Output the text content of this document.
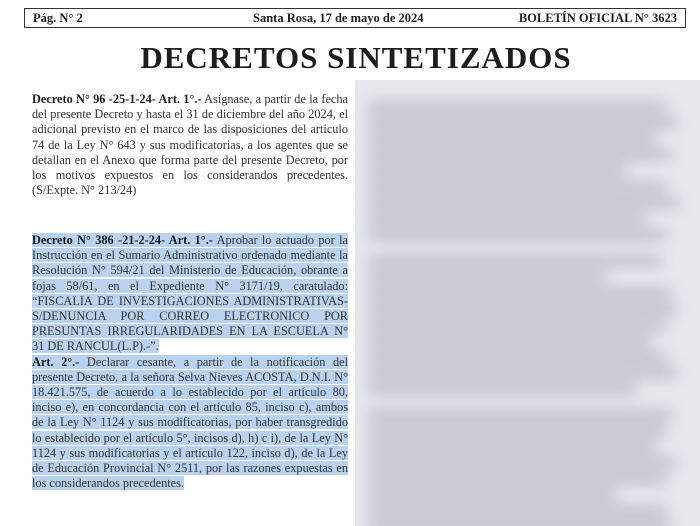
Pág. N° 2	Santa Rosa, 17 de mayo de 2024	BOLETÍN OFICIAL N° 3623
DECRETOS SINTETIZADOS

Decreto N° 96 -25-1-24- Art. 1°.- Asígnase, a partir de la fecha del presente Decreto y hasta el 31 de diciembre del año 2024, el adicional previsto en el marco de las disposiciones del artículo 74 de la Ley N° 643 y sus modificatorias, a los agentes que se detallan en el Anexo que forma parte del presente Decreto, por los motivos expuestos en los considerandos precedentes. (S/Expte. N° 213/24)

Decreto N° 386 -21-2-24- Art. 1°.- Aprobar lo actuado por la Instrucción en el Sumario Administrativo ordenado mediante la Resolución N° 594/21 del Ministerio de Educación, obrante a fojas 58/61, en el Expediente N° 3171/19, caratulado: “FISCALIA DE INVESTIGACIONES ADMINISTRATIVAS-S/DENUNCIA POR CORREO ELECTRONICO POR PRESUNTAS IRREGULARIDADES EN LA ESCUELA N° 31 DE RANCUL(L.P).-”.

Art. 2°.- Declarar cesante, a partir de la notificación del presente Decreto, a la señora Selva Nieves ACOSTA, D.N.I. N° 18.421.575, de acuerdo a lo establecido por el artículo 80, inciso e), en concordancia con el artículo 85, inciso c), ambos de la Ley N° 1124 y sus modificatorias, por haber transgredido lo establecido por el artículo 5°, incisos d), h) c i), de la Ley N° 1124 y sus modificatorias y el artículo 122, inciso d), de la Ley de Educación Provincial N° 2511, por las razones expuestas en los considerandos precedentes.
